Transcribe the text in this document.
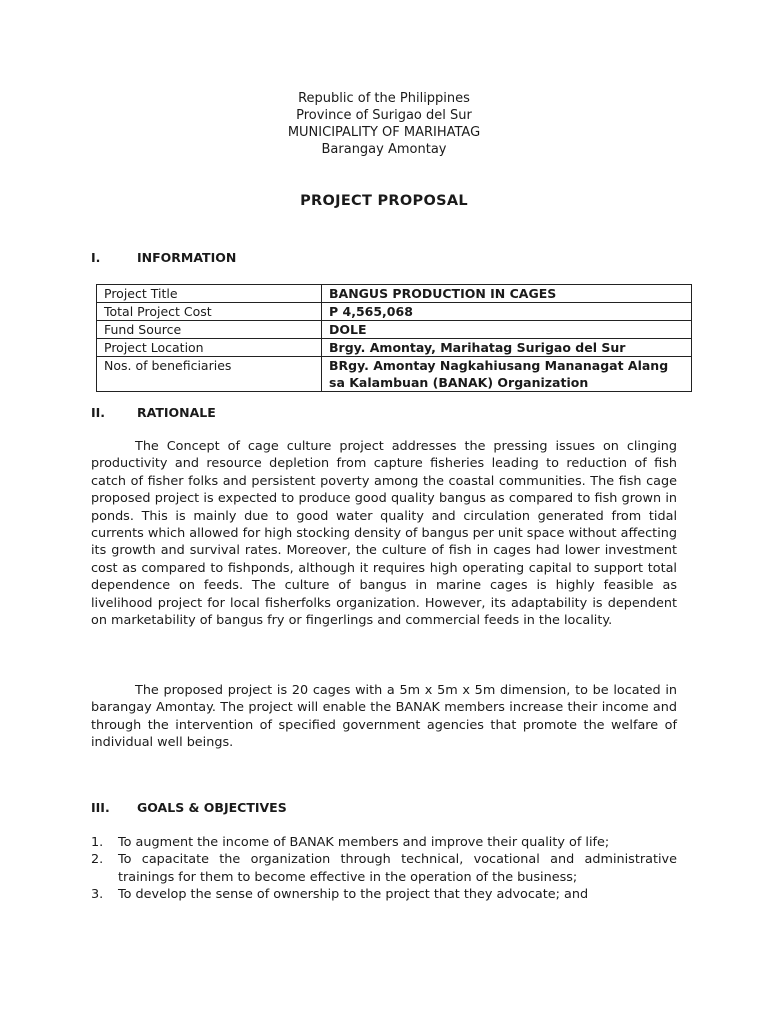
Republic of the Philippines
Province of Surigao del Sur
MUNICIPALITY OF MARIHATAG
Barangay Amontay
PROJECT PROPOSAL
I.	INFORMATION
Project Title	BANGUS PRODUCTION IN CAGES
Total Project Cost	P 4,565,068
Fund Source	DOLE
Project Location	Brgy. Amontay, Marihatag Surigao del Sur
Nos. of beneficiaries	BRgy. Amontay Nagkahiusang Mananagat Alang sa Kalambuan (BANAK) Organization
II.	RATIONALE

The Concept of cage culture project addresses the pressing issues on clinging productivity and resource depletion from capture fisheries leading to reduction of fish catch of fisher folks and persistent poverty among the coastal communities. The fish cage proposed project is expected to produce good quality bangus as compared to fish grown in ponds. This is mainly due to good water quality and circulation generated from tidal currents which allowed for high stocking density of bangus per unit space without affecting its growth and survival rates. Moreover, the culture of fish in cages had lower investment cost as compared to fishponds, although it requires high operating capital to support total dependence on feeds. The culture of bangus in marine cages is highly feasible as livelihood project for local fisherfolks organization. However, its adaptability is dependent on marketability of bangus fry or fingerlings and commercial feeds in the locality.

The proposed project is 20 cages with a 5m x 5m x 5m dimension, to be located in barangay Amontay. The project will enable the BANAK members increase their income and through the intervention of specified government agencies that promote the welfare of individual well beings.

III. GOALS & OBJECTIVES
1. To augment the income of BANAK members and improve their quality of life;
2. To capacitate the organization through technical, vocational and administrative trainings for them to become effective in the operation of the business;
3. To develop the sense of ownership to the project that they advocate; and
